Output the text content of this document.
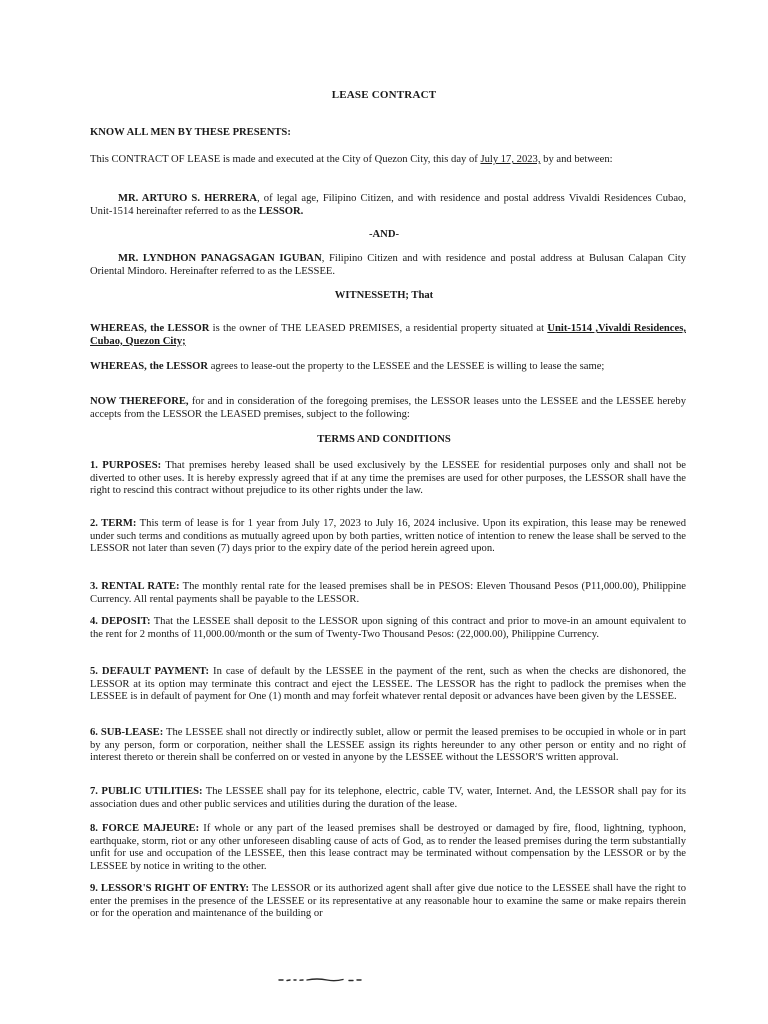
LEASE CONTRACT
KNOW ALL MEN BY THESE PRESENTS:
This CONTRACT OF LEASE is made and executed at the City of Quezon City, this day of July 17, 2023, by and between:
MR. ARTURO S. HERRERA, of legal age, Filipino Citizen, and with residence and postal address Vivaldi Residences Cubao, Unit-1514 hereinafter referred to as the LESSOR.
-AND-
MR. LYNDHON PANAGSAGAN IGUBAN, Filipino Citizen and with residence and postal address at Bulusan Calapan City Oriental Mindoro. Hereinafter referred to as the LESSEE.
WITNESSETH; That
WHEREAS, the LESSOR is the owner of THE LEASED PREMISES, a residential property situated at Unit-1514 ,Vivaldi Residences, Cubao, Quezon City;
WHEREAS, the LESSOR agrees to lease-out the property to the LESSEE and the LESSEE is willing to lease the same;
NOW THEREFORE, for and in consideration of the foregoing premises, the LESSOR leases unto the LESSEE and the LESSEE hereby accepts from the LESSOR the LEASED premises, subject to the following:
TERMS AND CONDITIONS
1. PURPOSES: That premises hereby leased shall be used exclusively by the LESSEE for residential purposes only and shall not be diverted to other uses. It is hereby expressly agreed that if at any time the premises are used for other purposes, the LESSOR shall have the right to rescind this contract without prejudice to its other rights under the law.
2. TERM: This term of lease is for 1 year from July 17, 2023 to July 16, 2024 inclusive. Upon its expiration, this lease may be renewed under such terms and conditions as mutually agreed upon by both parties, written notice of intention to renew the lease shall be served to the LESSOR not later than seven (7) days prior to the expiry date of the period herein agreed upon.
3. RENTAL RATE: The monthly rental rate for the leased premises shall be in PESOS: Eleven Thousand Pesos (P11,000.00), Philippine Currency. All rental payments shall be payable to the LESSOR.
4. DEPOSIT: That the LESSEE shall deposit to the LESSOR upon signing of this contract and prior to move-in an amount equivalent to the rent for 2 months of 11,000.00/month or the sum of Twenty-Two Thousand Pesos: (22,000.00), Philippine Currency.
5. DEFAULT PAYMENT: In case of default by the LESSEE in the payment of the rent, such as when the checks are dishonored, the LESSOR at its option may terminate this contract and eject the LESSEE. The LESSOR has the right to padlock the premises when the LESSEE is in default of payment for One (1) month and may forfeit whatever rental deposit or advances have been given by the LESSEE.
6. SUB-LEASE: The LESSEE shall not directly or indirectly sublet, allow or permit the leased premises to be occupied in whole or in part by any person, form or corporation, neither shall the LESSEE assign its rights hereunder to any other person or entity and no right of interest thereto or therein shall be conferred on or vested in anyone by the LESSEE without the LESSOR'S written approval.
7. PUBLIC UTILITIES: The LESSEE shall pay for its telephone, electric, cable TV, water, Internet. And, the LESSOR shall pay for its association dues and other public services and utilities during the duration of the lease.
8. FORCE MAJEURE: If whole or any part of the leased premises shall be destroyed or damaged by fire, flood, lightning, typhoon, earthquake, storm, riot or any other unforeseen disabling cause of acts of God, as to render the leased premises during the term substantially unfit for use and occupation of the LESSEE, then this lease contract may be terminated without compensation by the LESSOR or by the LESSEE by notice in writing to the other.
9. LESSOR'S RIGHT OF ENTRY: The LESSOR or its authorized agent shall after give due notice to the LESSEE shall have the right to enter the premises in the presence of the LESSEE or its representative at any reasonable hour to examine the same or make repairs therein or for the operation and maintenance of the building or
